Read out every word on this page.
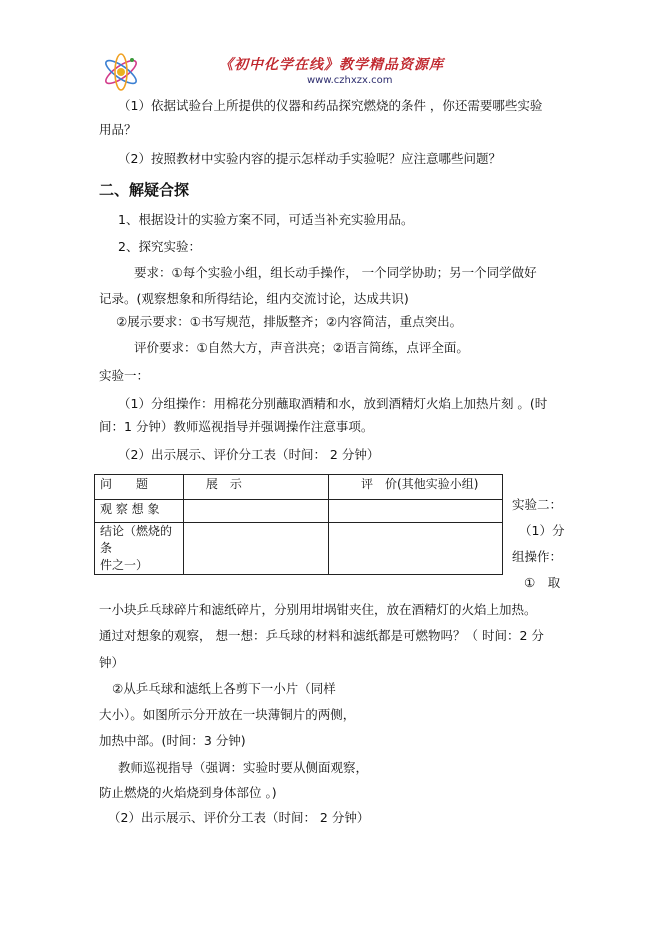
《初中化学在线》教学精品资源库
www.czhxzx.com
（1）依据试验台上所提供的仪器和药品探究燃烧的条件 ，你还需要哪些实验
用品？
（2）按照教材中实验内容的提示怎样动手实验呢？应注意哪些问题？
二、解疑合探
1、根据设计的实验方案不同，可适当补充实验用品。
2、探究实验：
要求：①每个实验小组，组长动手操作， 一个同学协助；另一个同学做好
记录。(观察想象和所得结论，组内交流讨论，达成共识)
②展示要求：①书写规范，排版整齐；②内容简洁，重点突出。
评价要求：①自然大方，声音洪亮；②语言简练，点评全面。
实验一：
（1）分组操作：用棉花分别蘸取酒精和水，放到酒精灯火焰上加热片刻 。(时
间：1 分钟）教师巡视指导并强调操作注意事项。
（2）出示展示、评价分工表（时间： 2 分钟）
问　　题	展　示	评　价(其他实验小组)
观 察 想 象		
结论（燃烧的条
件之一）		
实验二：
（1）分
组操作：
①　取
一小块乒乓球碎片和滤纸碎片，分别用坩埚钳夹住，放在酒精灯的火焰上加热。
通过对想象的观察， 想一想：乒乓球的材料和滤纸都是可燃物吗？（ 时间：2 分
钟）
②从乒乓球和滤纸上各剪下一小片（同样
大小）。如图所示分开放在一块薄铜片的两侧，
加热中部。(时间：3 分钟)
教师巡视指导（强调：实验时要从侧面观察，
防止燃烧的火焰烧到身体部位 。)
（2）出示展示、评价分工表（时间： 2 分钟）
